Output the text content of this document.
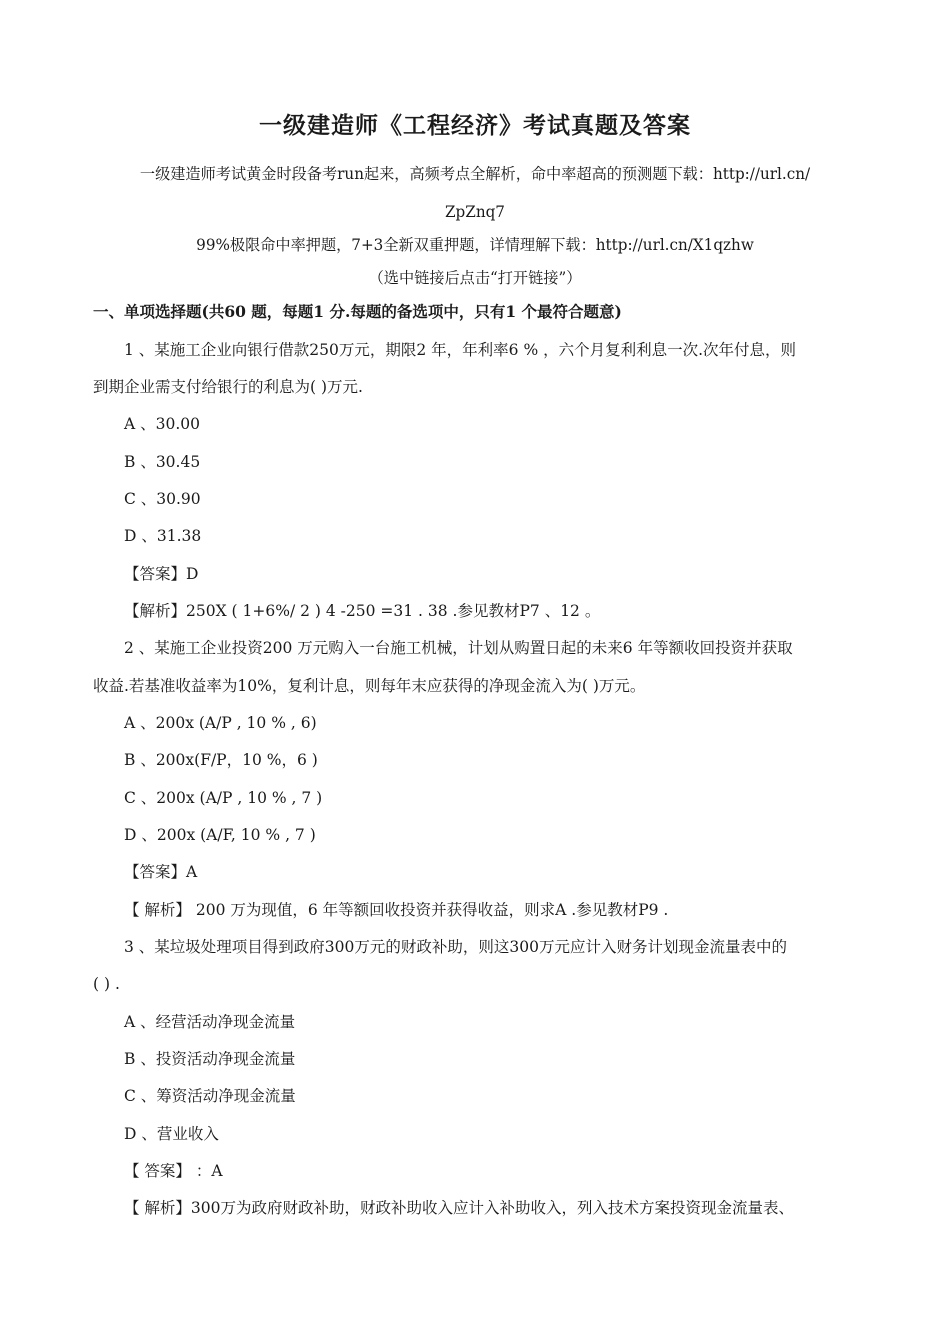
一级建造师《工程经济》考试真题及答案
一级建造师考试黄金时段备考run起来，高频考点全解析，命中率超高的预测题下载：http://url.cn/
ZpZnq7
99%极限命中率押题，7+3全新双重押题，详情理解下载：http://url.cn/X1qzhw
（选中链接后点击“打开链接”）
一、单项选择题(共60 题，每题1 分.每题的备选项中，只有1 个最符合题意)
1 、某施工企业向银行借款250万元，期限2 年，年利率6 % ，六个月复利利息一次.次年付息，则
到期企业需支付给银行的利息为( )万元.
A 、30.00
B 、30.45
C 、30.90
D 、31.38
【答案】D
【解析】250X ( 1+6%/ 2 ) 4 -250 =31 . 38 .参见教材P7 、12 。
2 、某施工企业投资200 万元购入一台施工机械，计划从购置日起的未来6 年等额收回投资并获取
收益.若基准收益率为10%，复利计息，则每年末应获得的净现金流入为( )万元。
A 、200x (A/P , 10 % , 6)
B 、200x(F/P，10 %，6 )
C 、200x (A/P , 10 % , 7 )
D 、200x (A/F, 10 % , 7 )
【答案】A
【 解析】 200 万为现值，6 年等额回收投资并获得收益，则求A .参见教材P9 .
3 、某垃圾处理项目得到政府300万元的财政补助，则这300万元应计入财务计划现金流量表中的
( ) .
A 、经营活动净现金流量
B 、投资活动净现金流量
C 、筹资活动净现金流量
D 、营业收入
【 答案】 ：A
【 解析】300万为政府财政补助，财政补助收入应计入补助收入，列入技术方案投资现金流量表、
